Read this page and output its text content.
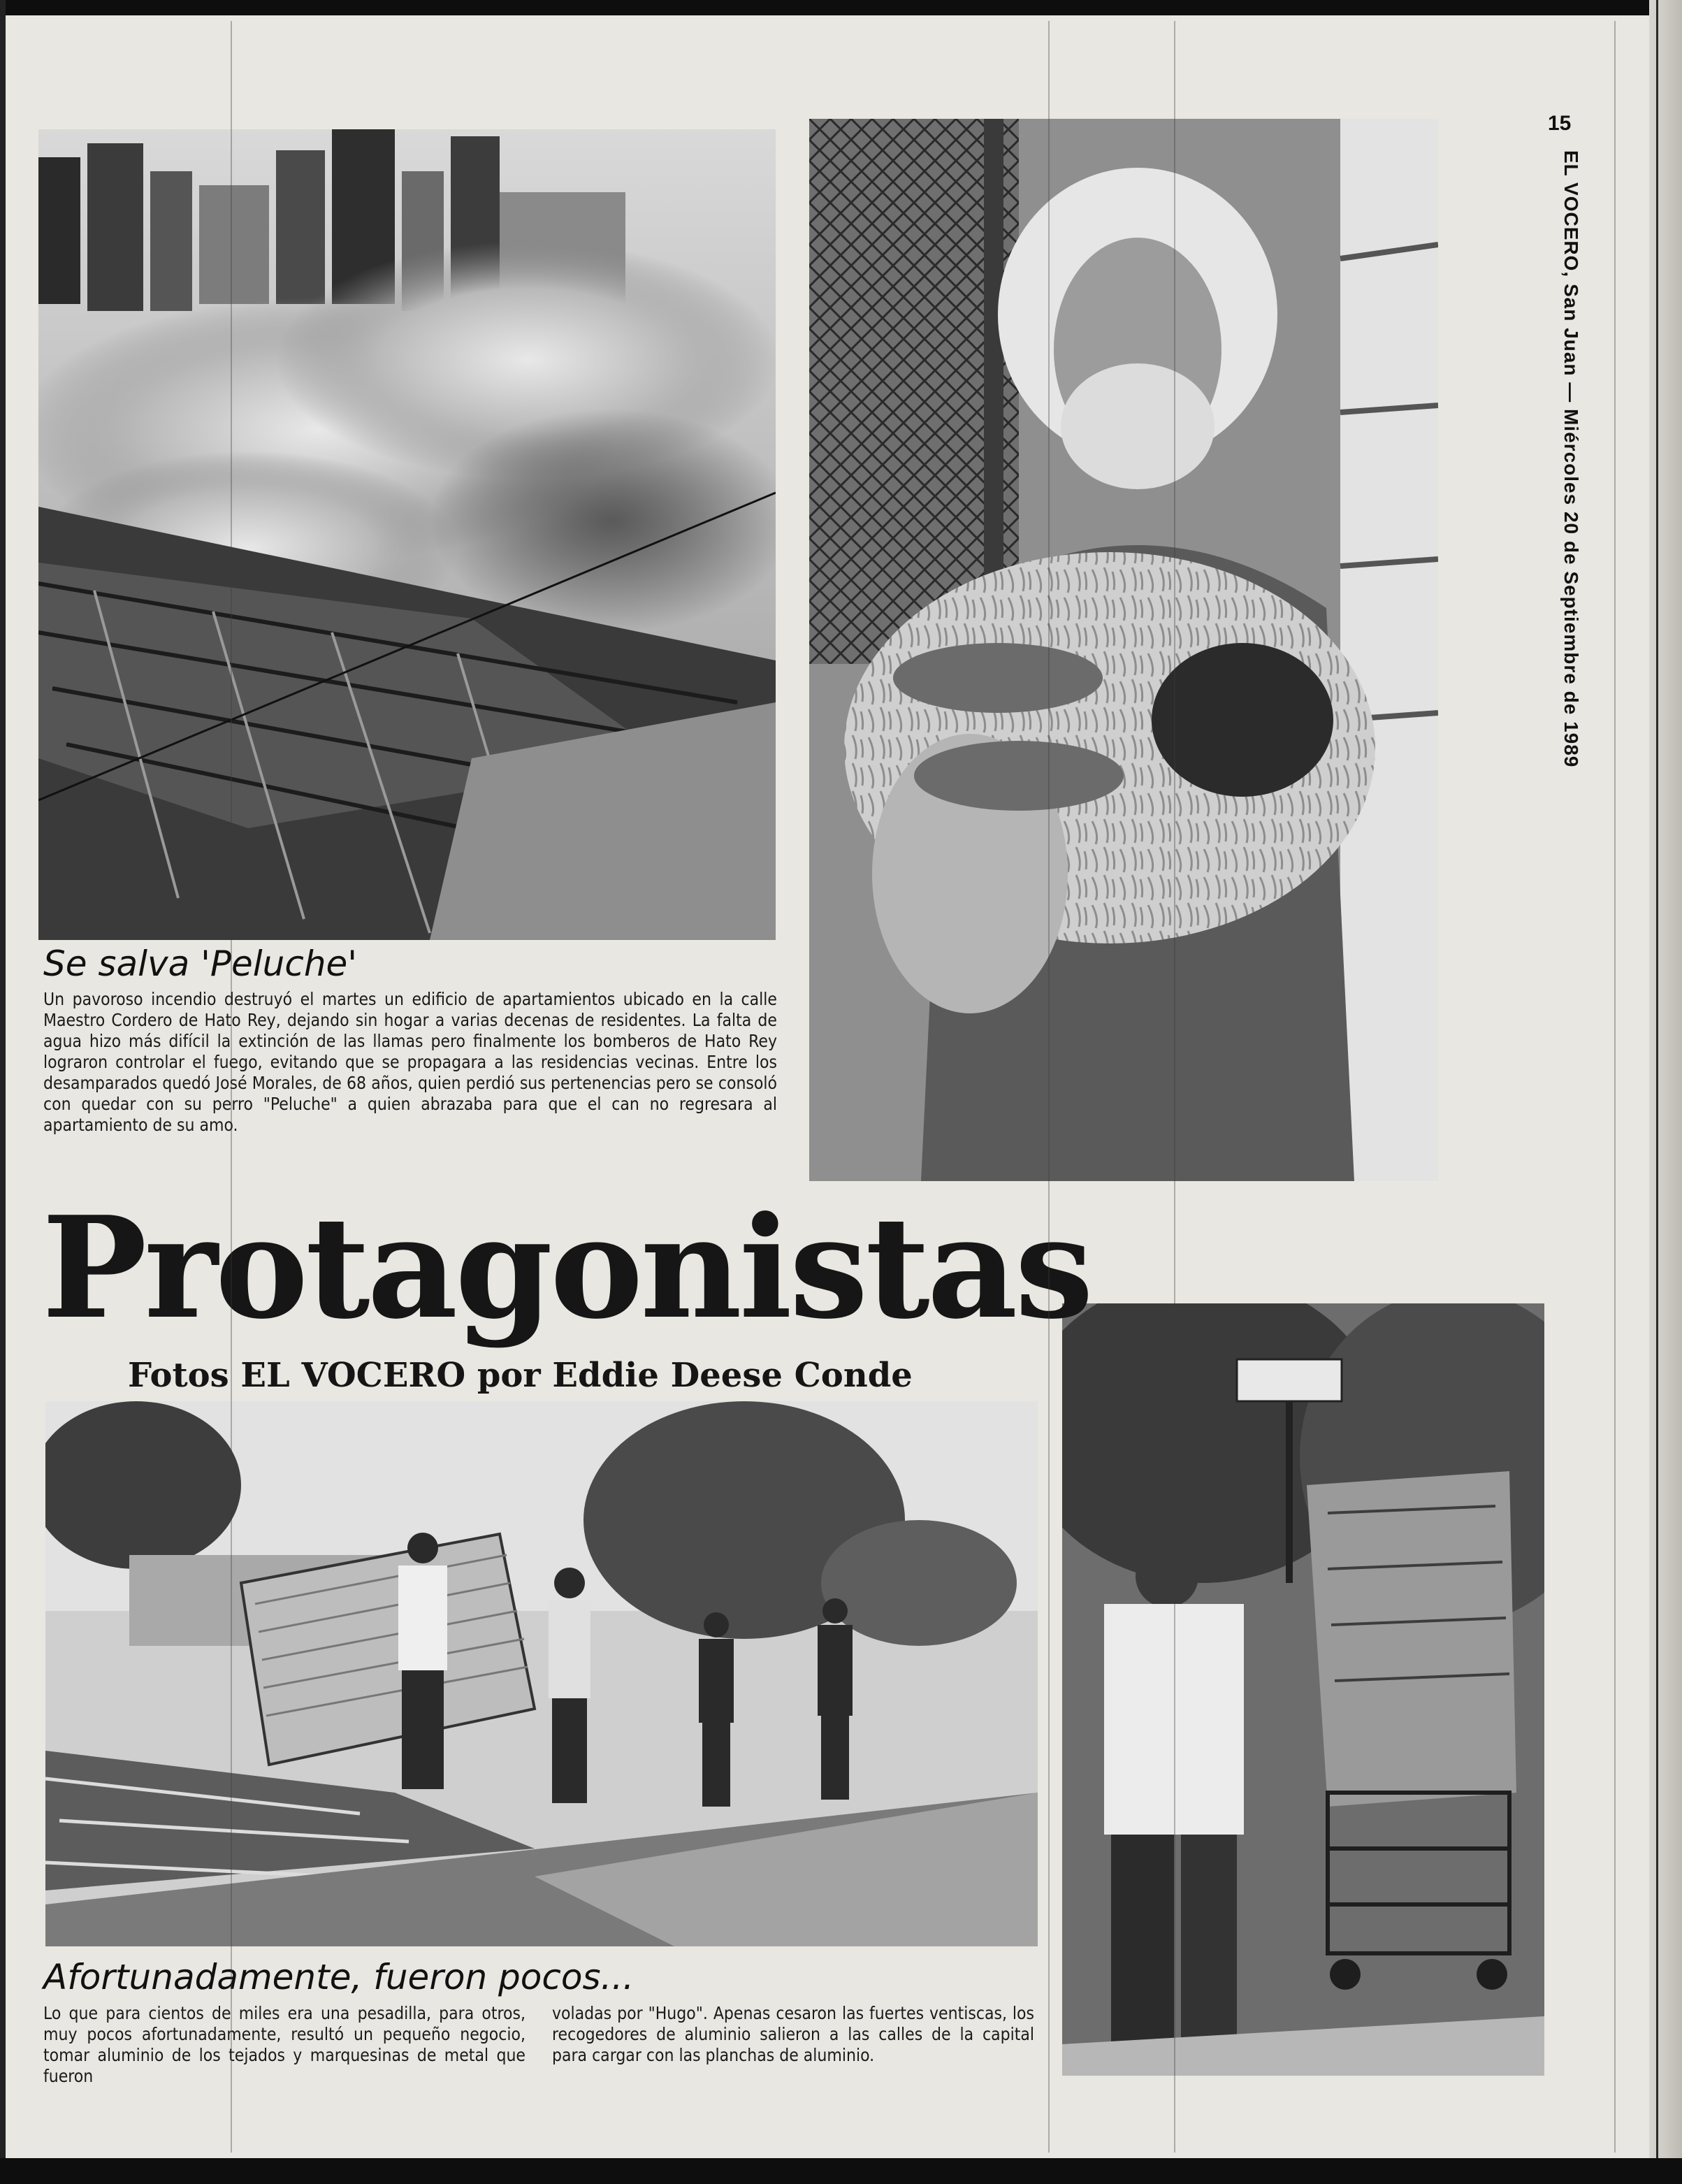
15
EL VOCERO, San Juan — Miércoles 20 de Septiembre de 1989
Se salva 'Peluche'
Un pavoroso incendio destruyó el martes un edificio de apartamientos ubicado en la calle Maestro Cordero de Hato Rey, dejando sin hogar a varias decenas de residentes. La falta de agua hizo más difícil la extinción de las llamas pero finalmente los bomberos de Hato Rey lograron controlar el fuego, evitando que se propagara a las residencias vecinas. Entre los desamparados quedó José Morales, de 68 años, quien perdió sus pertenencias pero se consoló con quedar con su perro "Peluche" a quien abrazaba para que el can no regresara al apartamiento de su amo.
Protagonistas
Fotos EL VOCERO por Eddie Deese Conde
Afortunadamente, fueron pocos...
Lo que para cientos de miles era una pesadilla, para otros, muy pocos afortunadamente, resultó un pequeño negocio, tomar aluminio de los tejados y marquesinas de metal que fueron
voladas por "Hugo". Apenas cesaron las fuertes ventiscas, los recogedores de aluminio salieron a las calles de la capital para cargar con las planchas de aluminio.
